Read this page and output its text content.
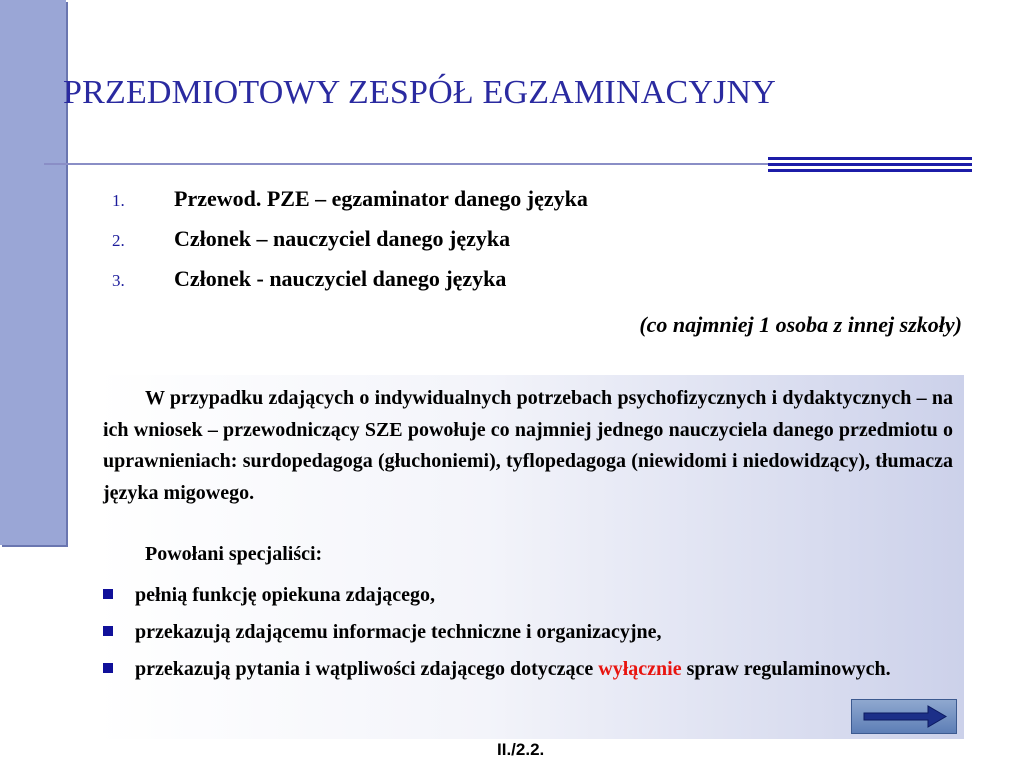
PRZEDMIOTOWY ZESPÓŁ EGZAMINACYJNY
1.	Przewod. PZE – egzaminator danego języka
2.	Członek – nauczyciel danego języka
3.	Członek - nauczyciel danego języka
(co najmniej 1 osoba z innej szkoły)
W przypadku zdających o indywidualnych potrzebach psychofizycznych i dydaktycznych – na ich wniosek – przewodniczący SZE powołuje co najmniej jednego nauczyciela danego przedmiotu o uprawnieniach: surdopedagoga (głuchoniemi), tyflopedagoga (niewidomi i niedowidzący), tłumacza języka migowego.
Powołani specjaliści:
pełnią funkcję opiekuna zdającego,
przekazują zdającemu informacje techniczne i organizacyjne,
przekazują pytania i wątpliwości zdającego dotyczące wyłącznie spraw regulaminowych.
II./2.2.
